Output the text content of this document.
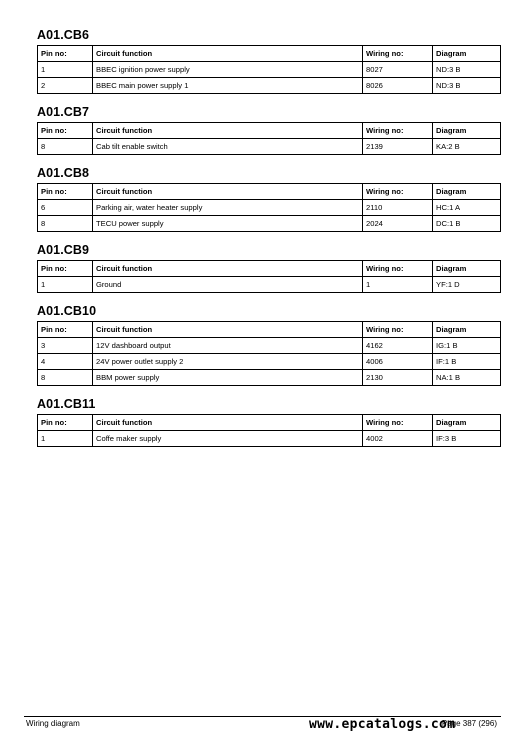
A01.CB6
Pin no:	Circuit function	Wiring no:	Diagram
1	BBEC ignition power supply	8027	ND:3 B
2	BBEC main power supply 1	8026	ND:3 B
A01.CB7
Pin no:	Circuit function	Wiring no:	Diagram
8	Cab tilt enable switch	2139	KA:2 B
A01.CB8
Pin no:	Circuit function	Wiring no:	Diagram
6	Parking air, water heater supply	2110	HC:1 A
8	TECU power supply	2024	DC:1 B
A01.CB9
Pin no:	Circuit function	Wiring no:	Diagram
1	Ground	1	YF:1 D
A01.CB10
Pin no:	Circuit function	Wiring no:	Diagram
3	12V dashboard output	4162	IG:1 B
4	24V power outlet supply 2	4006	IF:1 B
8	BBM power supply	2130	NA:1 B
A01.CB11
Pin no:	Circuit function	Wiring no:	Diagram
1	Coffe maker supply	4002	IF:3 B
Wiring diagram	Page 387 (296)
www.epcatalogs.com
